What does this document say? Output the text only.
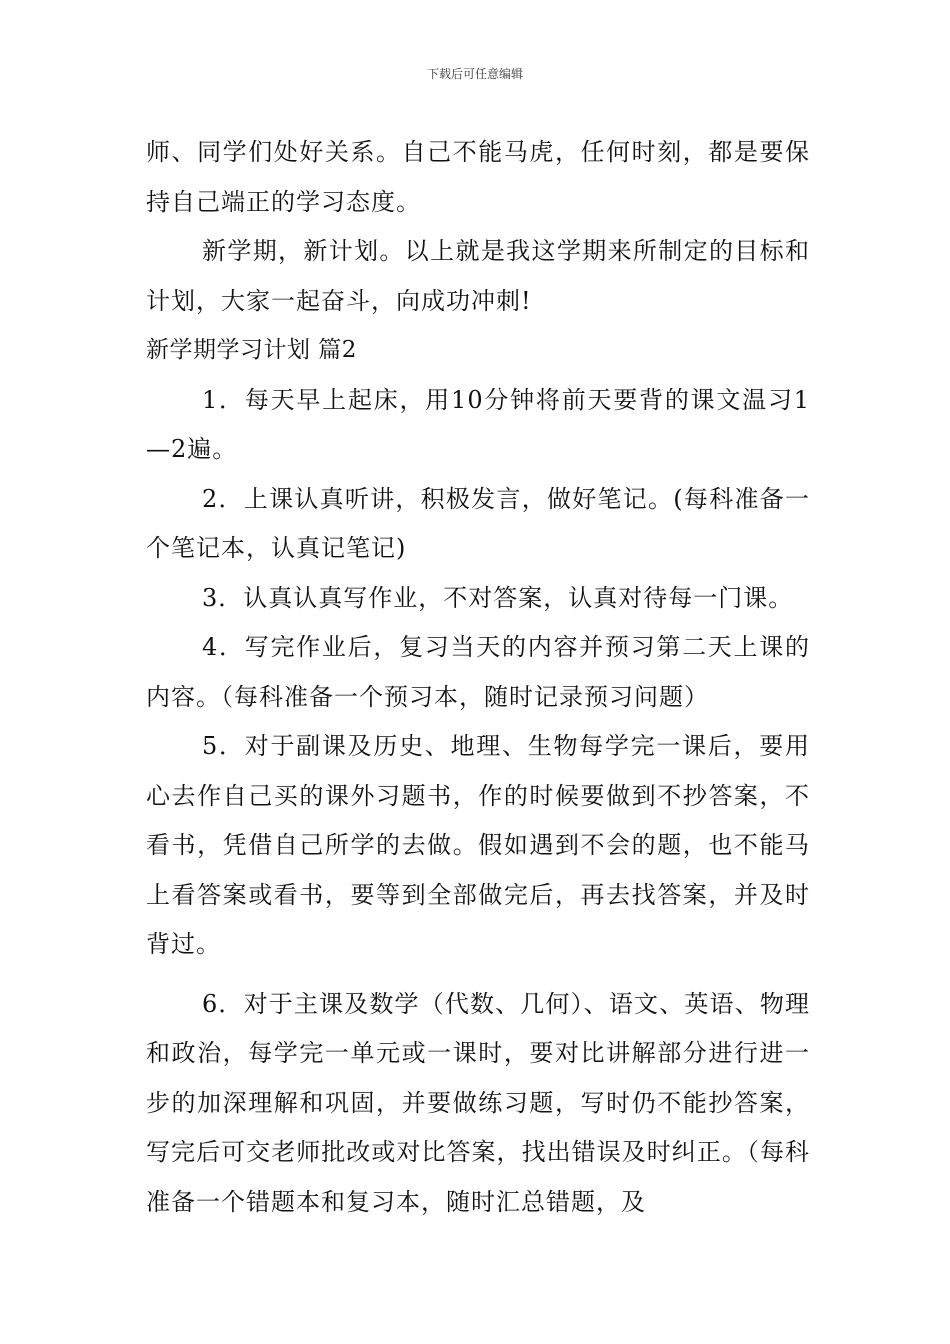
下载后可任意编辑

师、同学们处好关系。自己不能马虎，任何时刻，都是要保持自己端正的学习态度。

新学期，新计划。以上就是我这学期来所制定的目标和计划，大家一起奋斗，向成功冲刺!

新学期学习计划 篇2

1．每天早上起床，用10分钟将前天要背的课文温习1—2遍。

2．上课认真听讲，积极发言，做好笔记。(每科准备一个笔记本，认真记笔记)

3．认真认真写作业，不对答案，认真对待每一门课。

4．写完作业后，复习当天的内容并预习第二天上课的内容。（每科准备一个预习本，随时记录预习问题）

5．对于副课及历史、地理、生物每学完一课后，要用心去作自己买的课外习题书，作的时候要做到不抄答案，不看书，凭借自己所学的去做。假如遇到不会的题，也不能马上看答案或看书，要等到全部做完后，再去找答案，并及时背过。

6．对于主课及数学（代数、几何）、语文、英语、物理和政治，每学完一单元或一课时，要对比讲解部分进行进一步的加深理解和巩固，并要做练习题，写时仍不能抄答案，写完后可交老师批改或对比答案，找出错误及时纠正。（每科准备一个错题本和复习本，随时汇总错题，及
